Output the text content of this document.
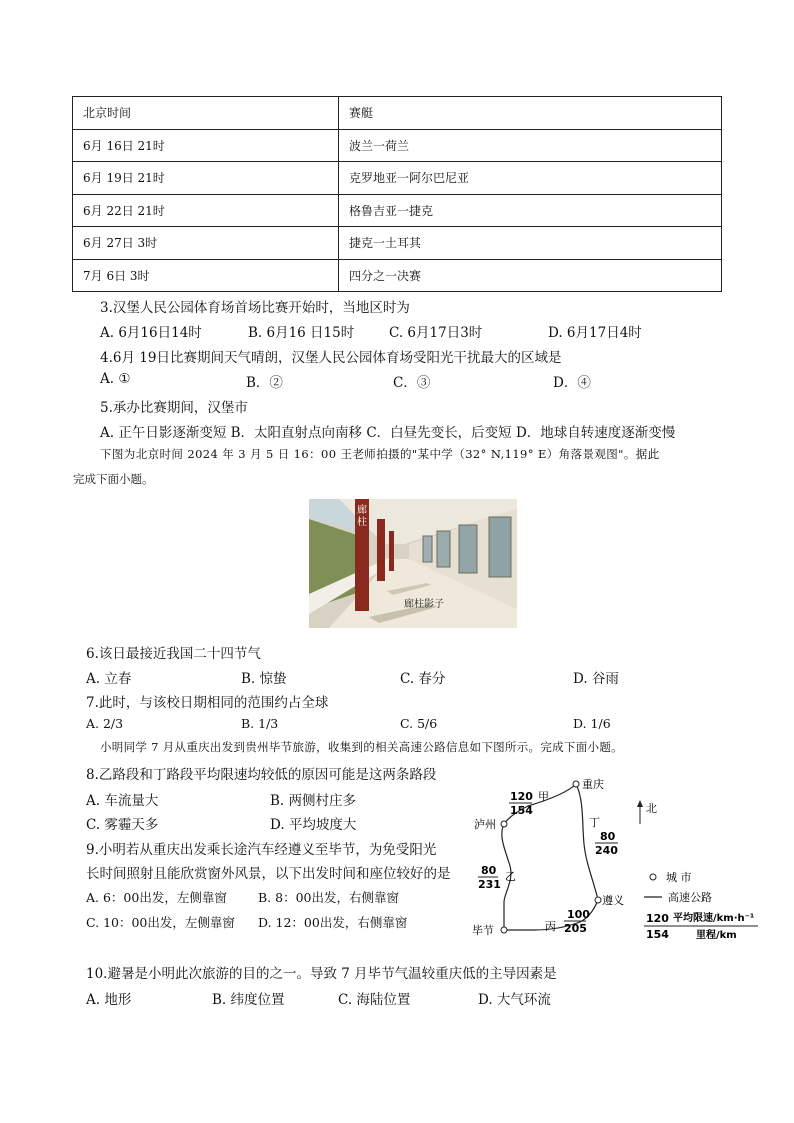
北京时间	赛艇
6月 16日 21时	波兰一荷兰
6月 19日 21时	克罗地亚一阿尔巴尼亚
6月 22日 21时	格鲁吉亚一捷克
6月 27日 3时	捷克一土耳其
7月 6日 3时	四分之一决赛
3.汉堡人民公园体育场首场比赛开始时，当地区时为
A. 6月16日14时	B. 6月16 日15时	C. 6月17日3时	D. 6月17日4时
4.6月 19日比赛期间天气晴朗，汉堡人民公园体育场受阳光干扰最大的区域是
A. ①	B．②	C．③	D．④
5.承办比赛期间，汉堡市
A. 正午日影逐渐变短 B．太阳直射点向南移 C．白昼先变长，后变短 D．地球自转速度逐渐变慢
下图为北京时间 2024 年 3 月 5 日 16：00 王老师拍摄的"某中学（32° N,119° E）角落景观图"。据此
完成下面小题。
廊
柱
廊柱影子
6.该日最接近我国二十四节气
A. 立春	B. 惊蛰	C. 春分	D. 谷雨
7.此时，与该校日期相同的范围约占全球
A. 2/3	B. 1/3	C. 5/6	D. 1/6
小明同学 7 月从重庆出发到贵州毕节旅游，收集到的相关高速公路信息如下图所示。完成下面小题。
8.乙路段和丁路段平均限速均较低的原因可能是这两条路段
A. 车流量大	B. 两侧村庄多
C. 雾霾天多	D. 平均坡度大
9.小明若从重庆出发乘长途汽车经遵义至毕节，为免受阳光
长时间照射且能欣赏窗外风景，以下出发时间和座位较好的是
A. 6：00出发，左侧靠窗 B. 8：00出发，右侧靠窗
C. 10：00出发，左侧靠窗 D. 12：00出发，右侧靠窗
重庆
泸州
遵义
毕节
120
154
甲
丁
80
240
80
231
乙
丙
100
205
北
城 市
高速公路
120
154
平均限速/km·h⁻¹
里程/km
10.避暑是小明此次旅游的目的之一。导致 7 月毕节气温较重庆低的主导因素是
A. 地形	B. 纬度位置	C. 海陆位置	D. 大气环流
